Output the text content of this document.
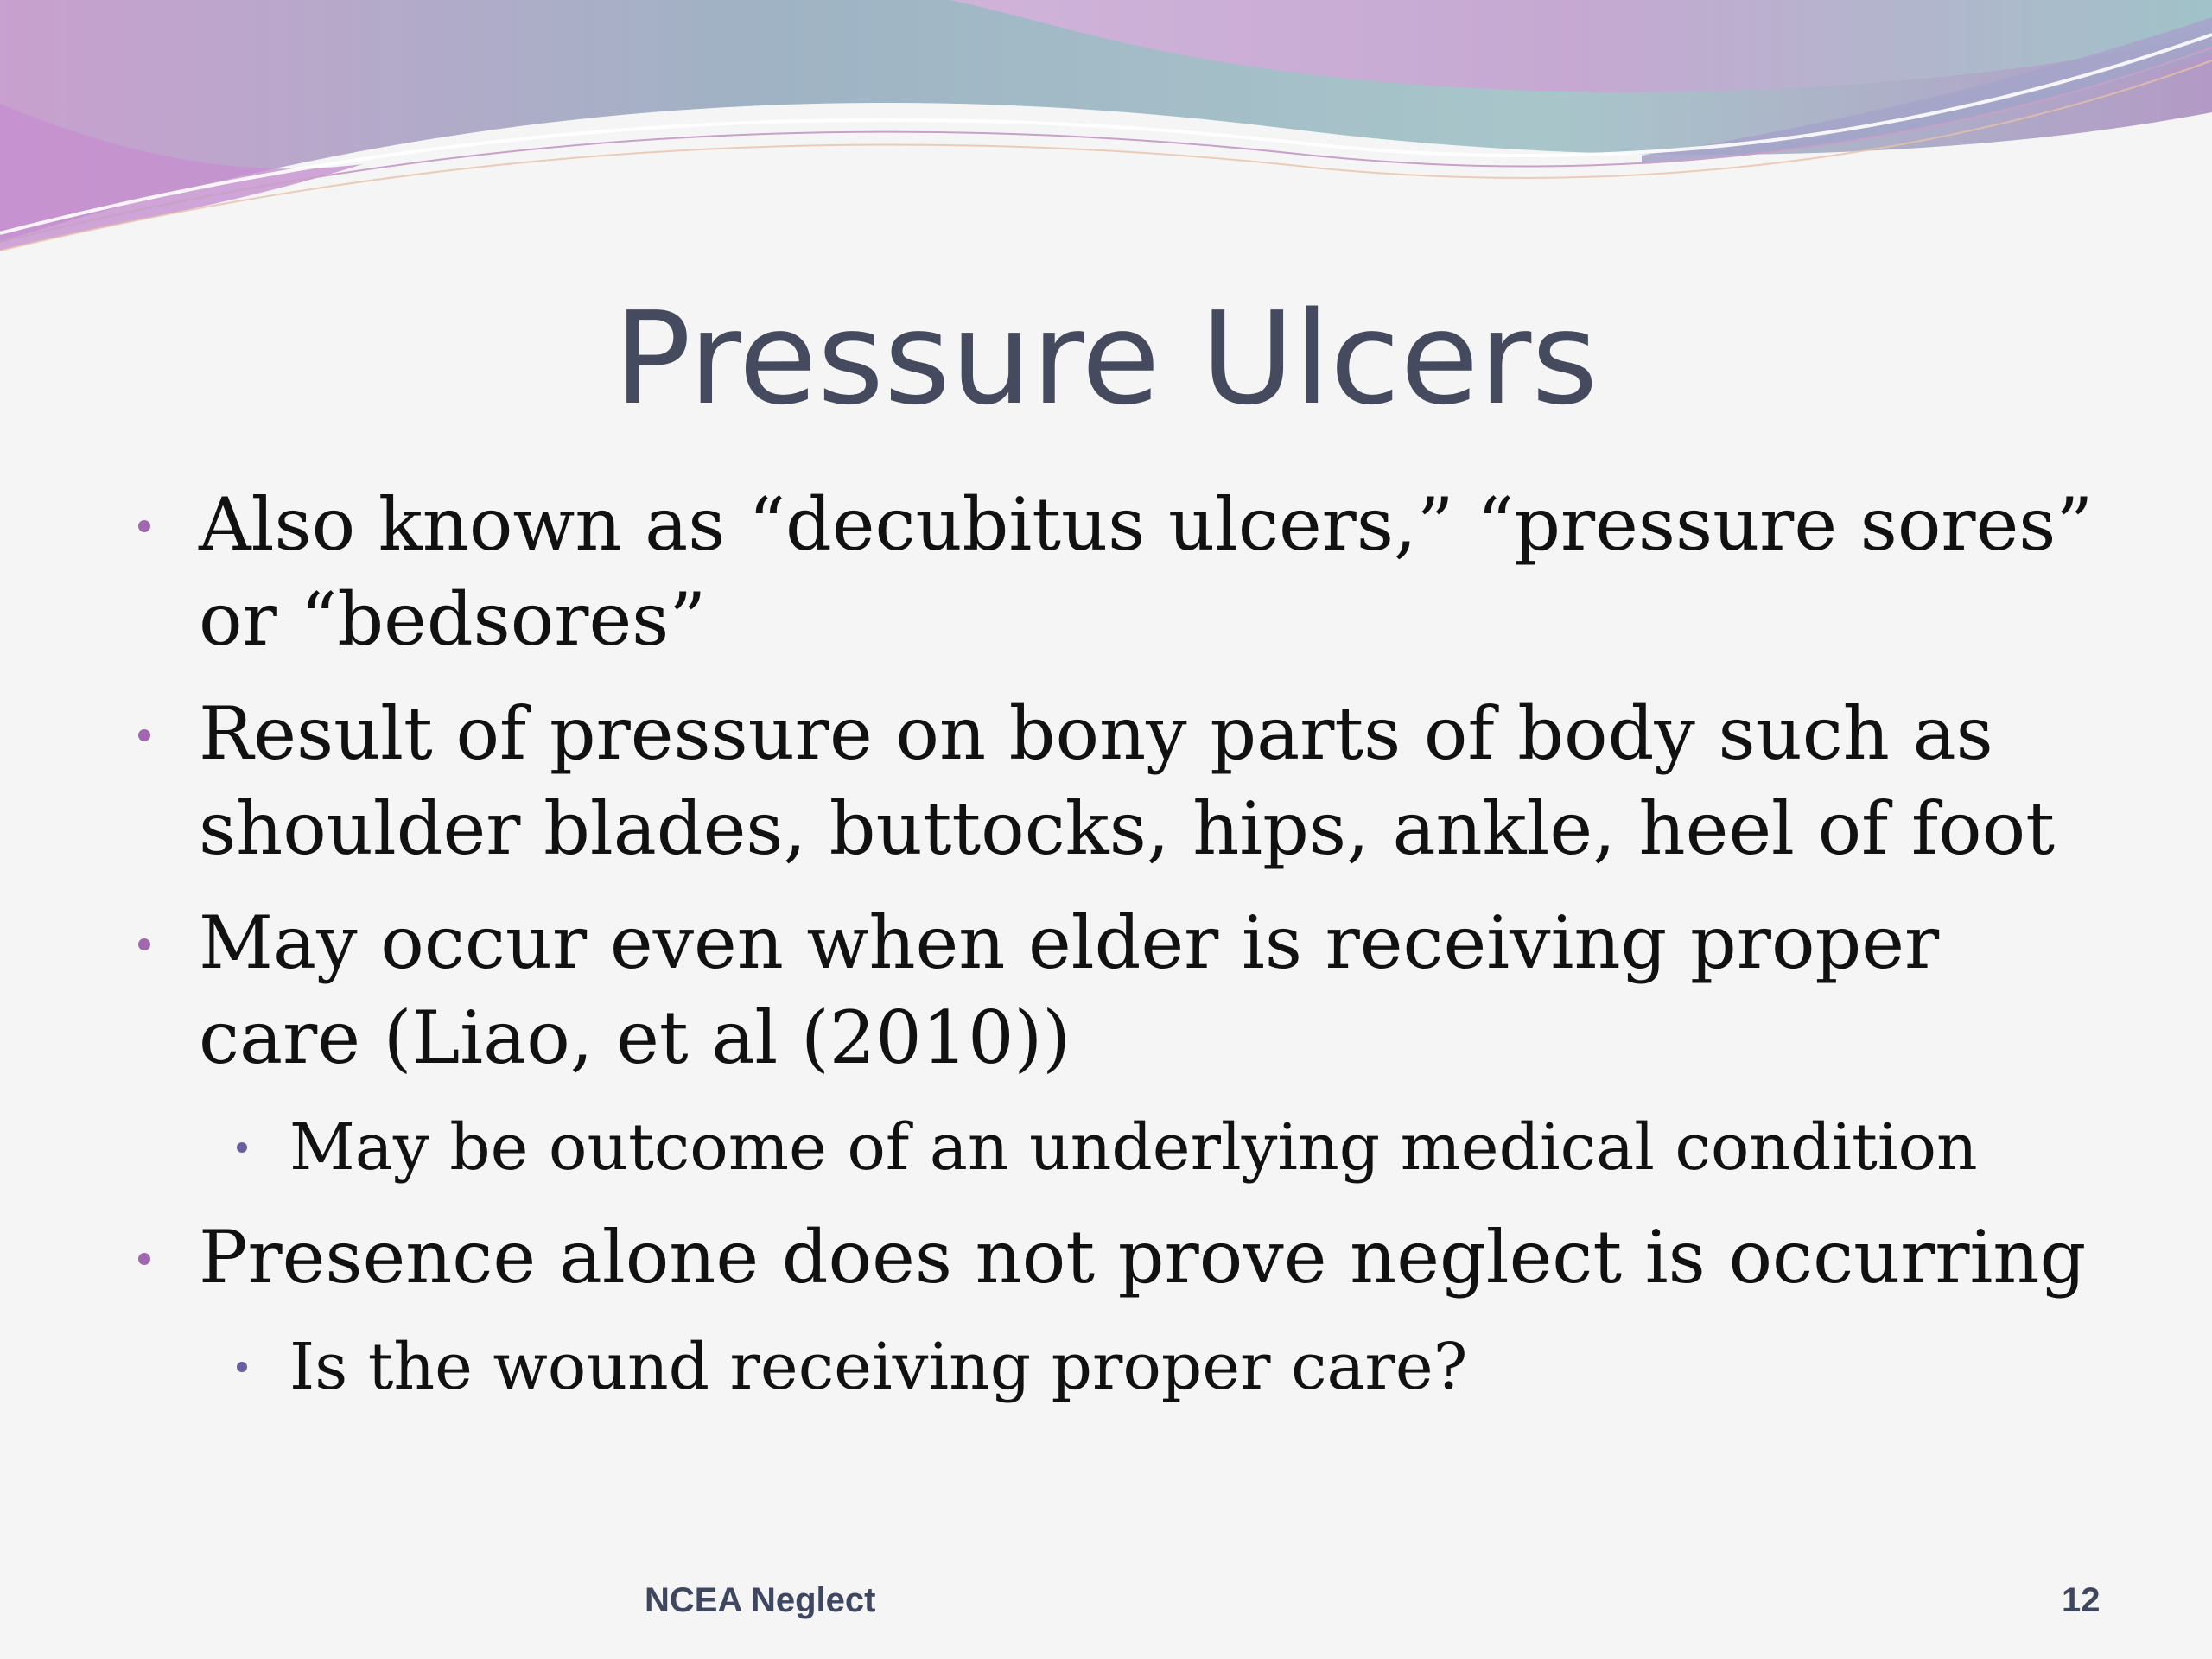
Pressure Ulcers
Also known as “decubitus ulcers,” “pressure sores” or “bedsores”
Result of pressure on bony parts of body such as shoulder blades, buttocks, hips, ankle, heel of foot
May occur even when elder is receiving proper care (Liao, et al (2010))
May be outcome of an underlying medical condition
Presence alone does not prove neglect is occurring
Is the wound receiving proper care?
NCEA Neglect	12
